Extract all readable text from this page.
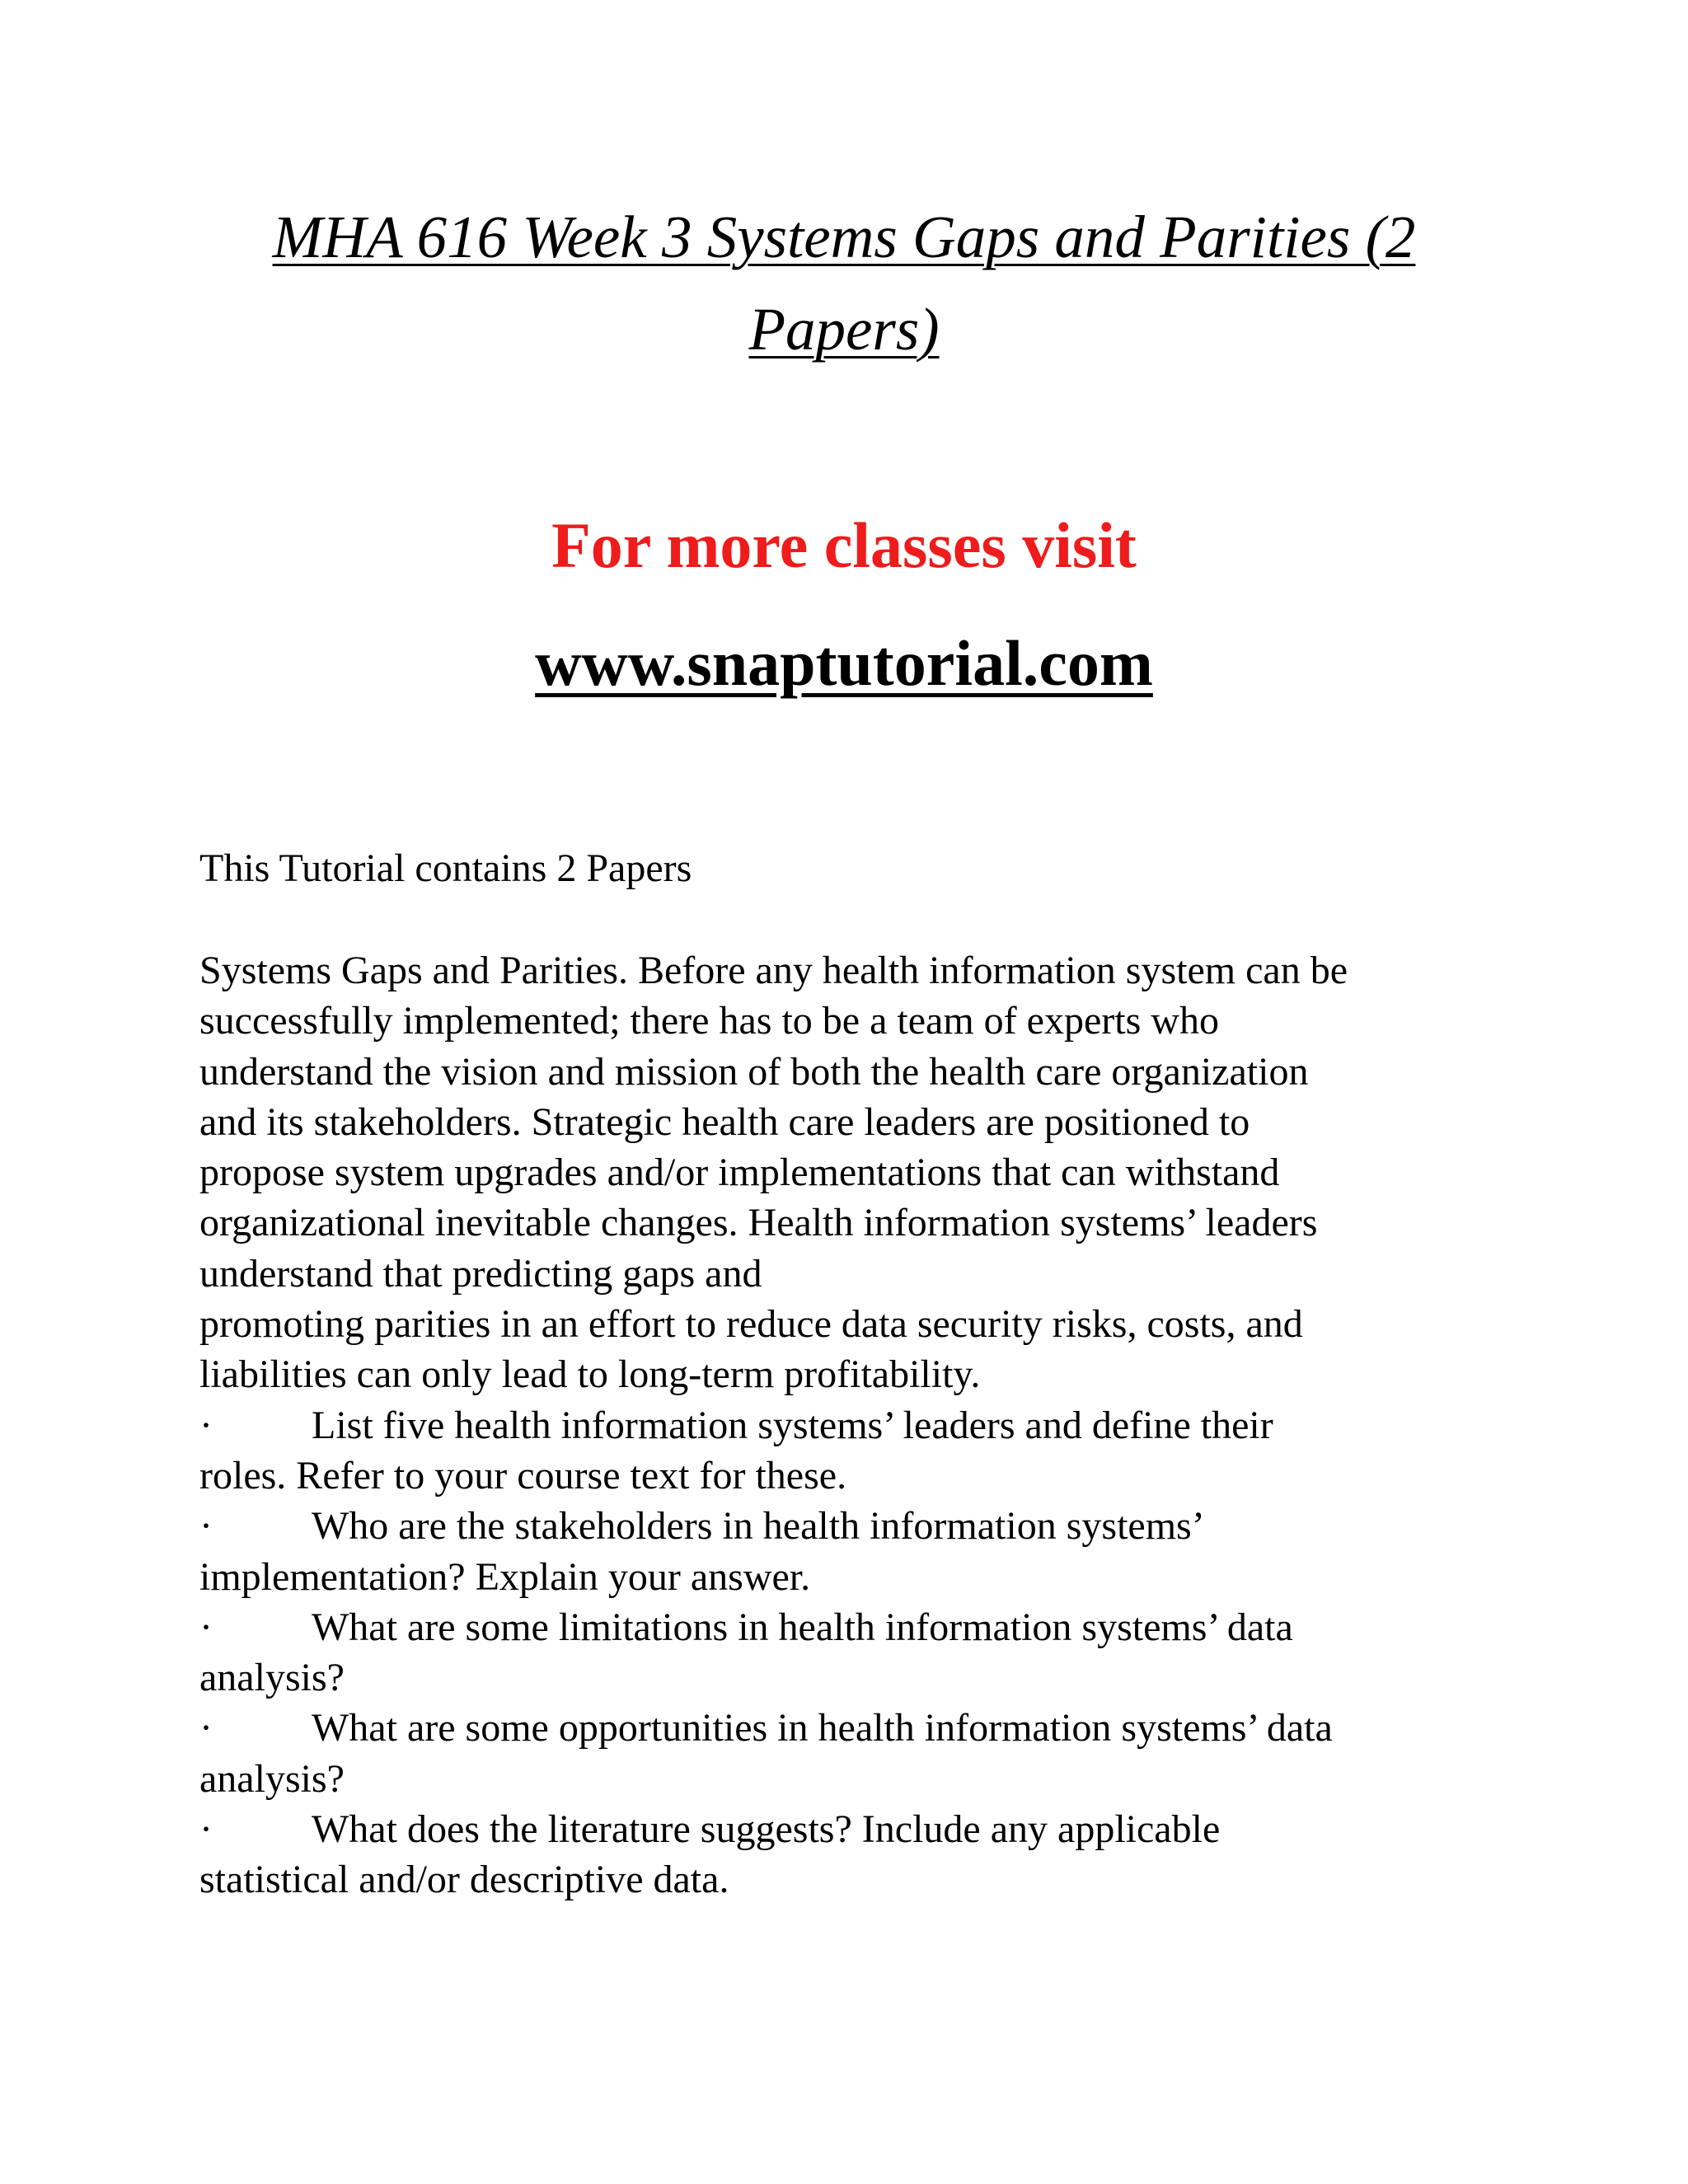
MHA 616 Week 3 Systems Gaps and Parities (2
Papers)

For more classes visit

www.snaptutorial.com

This Tutorial contains 2 Papers

Systems Gaps and Parities. Before any health information system can be
successfully implemented; there has to be a team of experts who
understand the vision and mission of both the health care organization
and its stakeholders. Strategic health care leaders are positioned to
propose system upgrades and/or implementations that can withstand
organizational inevitable changes. Health information systems’ leaders
understand that predicting gaps and
promoting parities in an effort to reduce data security risks, costs, and
liabilities can only lead to long-term profitability.
·	List five health information systems’ leaders and define their
roles. Refer to your course text for these.
·	Who are the stakeholders in health information systems’
implementation? Explain your answer.
·	What are some limitations in health information systems’ data
analysis?
·	What are some opportunities in health information systems’ data
analysis?
·	What does the literature suggests? Include any applicable
statistical and/or descriptive data.
